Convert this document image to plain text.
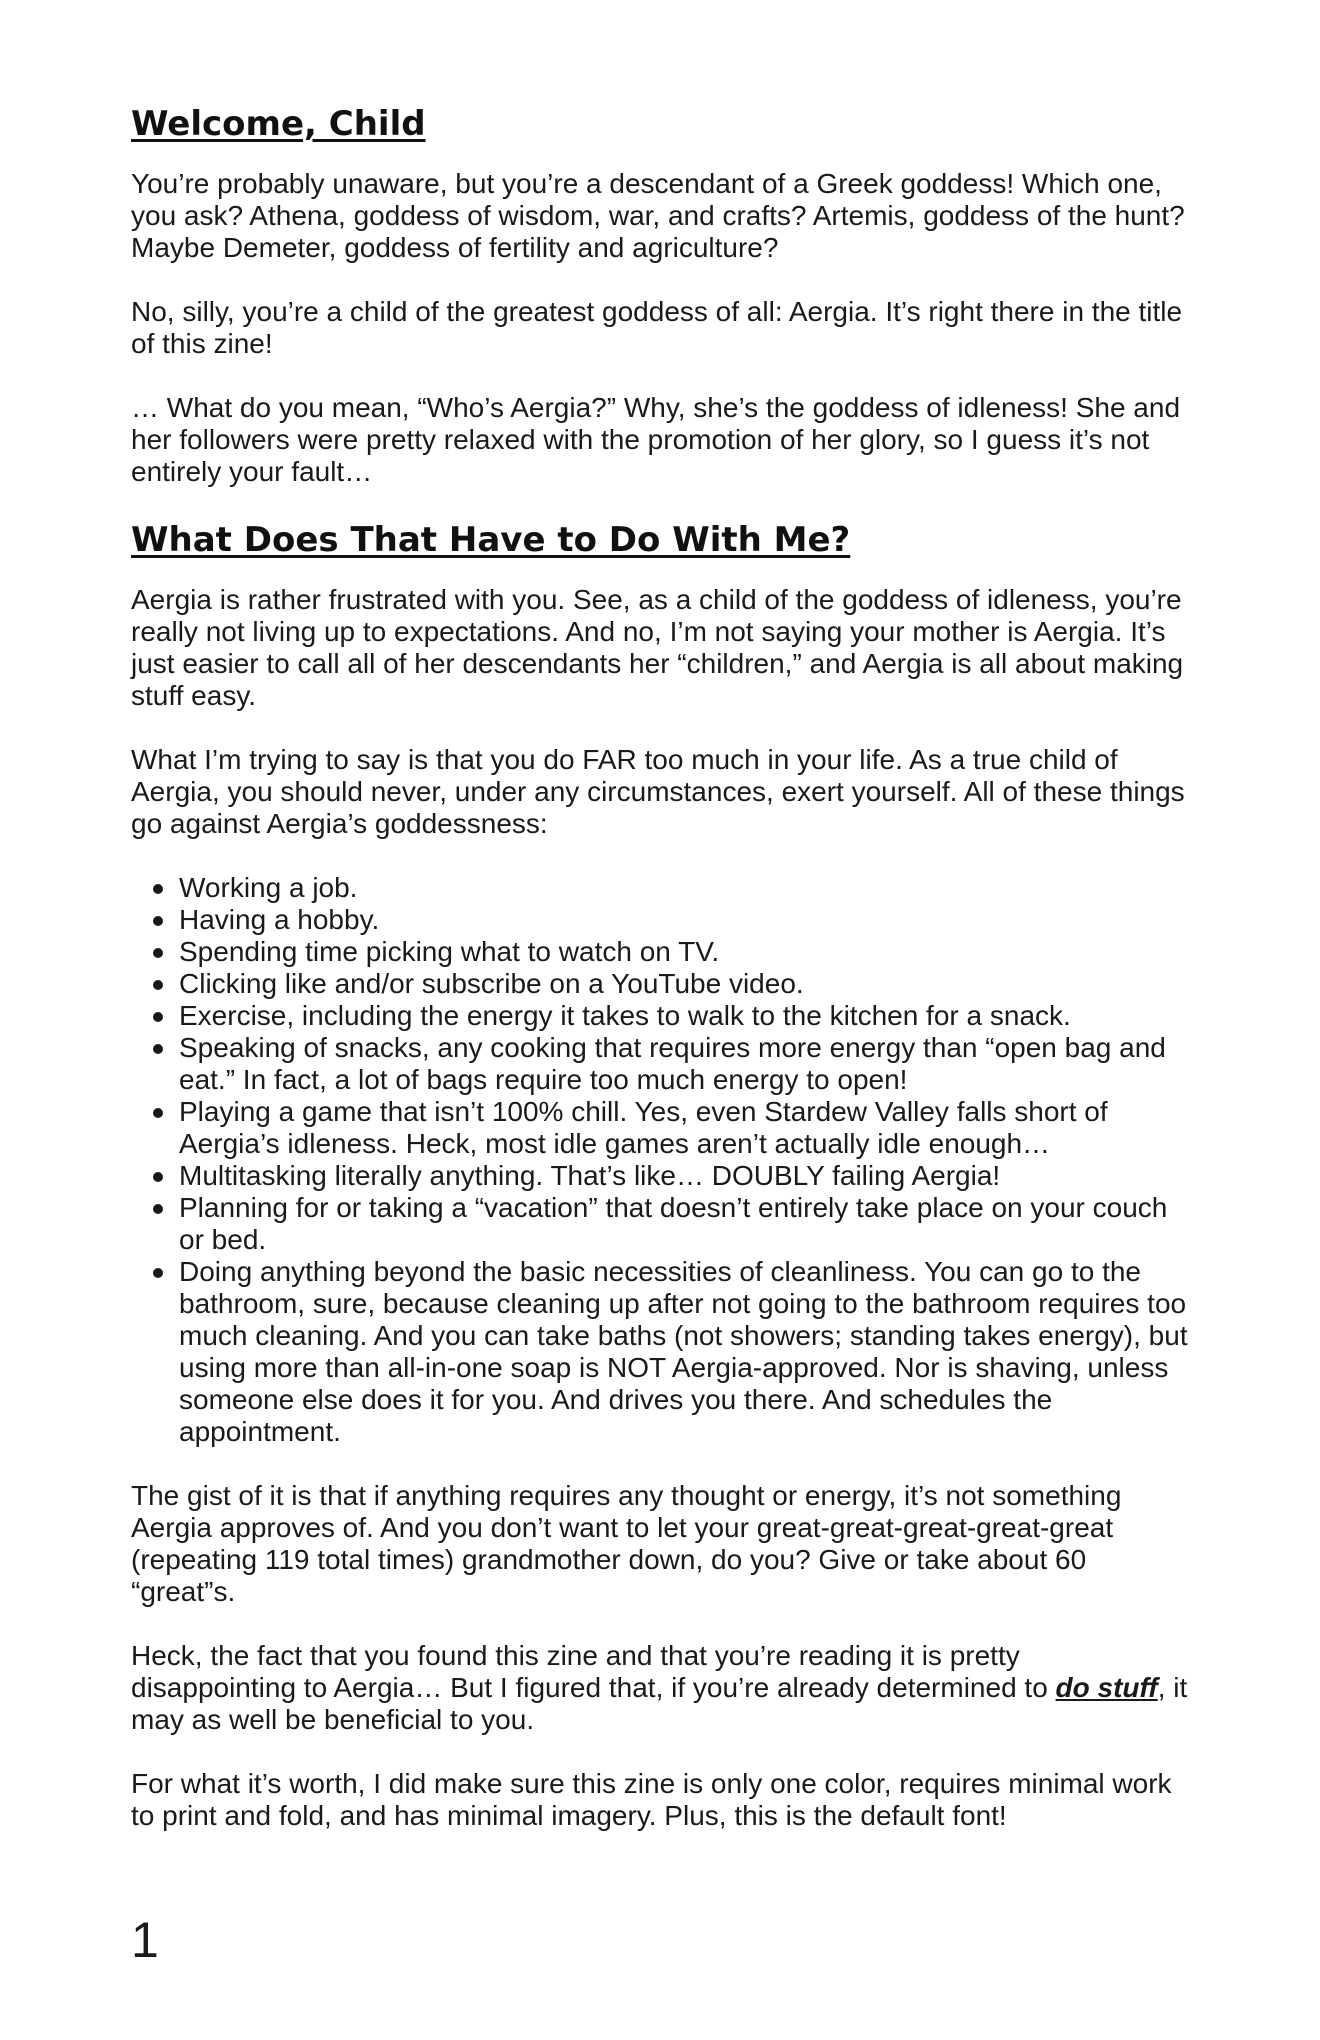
Welcome, Child

You’re probably unaware, but you’re a descendant of a Greek goddess! Which one, you ask? Athena, goddess of wisdom, war, and crafts? Artemis, goddess of the hunt? Maybe Demeter, goddess of fertility and agriculture?

No, silly, you’re a child of the greatest goddess of all: Aergia. It’s right there in the title of this zine!

… What do you mean, “Who’s Aergia?” Why, she’s the goddess of idleness! She and her followers were pretty relaxed with the promotion of her glory, so I guess it’s not entirely your fault…

What Does That Have to Do With Me?

Aergia is rather frustrated with you. See, as a child of the goddess of idleness, you’re really not living up to expectations. And no, I’m not saying your mother is Aergia. It’s just easier to call all of her descendants her “children,” and Aergia is all about making stuff easy.

What I’m trying to say is that you do FAR too much in your life. As a true child of Aergia, you should never, under any circumstances, exert yourself. All of these things go against Aergia’s goddessness:

Working a job.
Having a hobby.
Spending time picking what to watch on TV.
Clicking like and/or subscribe on a YouTube video.
Exercise, including the energy it takes to walk to the kitchen for a snack.
Speaking of snacks, any cooking that requires more energy than “open bag and eat.” In fact, a lot of bags require too much energy to open!
Playing a game that isn’t 100% chill. Yes, even Stardew Valley falls short of Aergia’s idleness. Heck, most idle games aren’t actually idle enough…
Multitasking literally anything. That’s like… DOUBLY failing Aergia!
Planning for or taking a “vacation” that doesn’t entirely take place on your couch or bed.
Doing anything beyond the basic necessities of cleanliness. You can go to the bathroom, sure, because cleaning up after not going to the bathroom requires too much cleaning. And you can take baths (not showers; standing takes energy), but using more than all-in-one soap is NOT Aergia-approved. Nor is shaving, unless someone else does it for you. And drives you there. And schedules the appointment.

The gist of it is that if anything requires any thought or energy, it’s not something Aergia approves of. And you don’t want to let your great-great-great-great-great (repeating 119 total times) grandmother down, do you? Give or take about 60 “great”s.

Heck, the fact that you found this zine and that you’re reading it is pretty disappointing to Aergia… But I figured that, if you’re already determined to do stuff, it may as well be beneficial to you.

For what it’s worth, I did make sure this zine is only one color, requires minimal work to print and fold, and has minimal imagery. Plus, this is the default font!

1
